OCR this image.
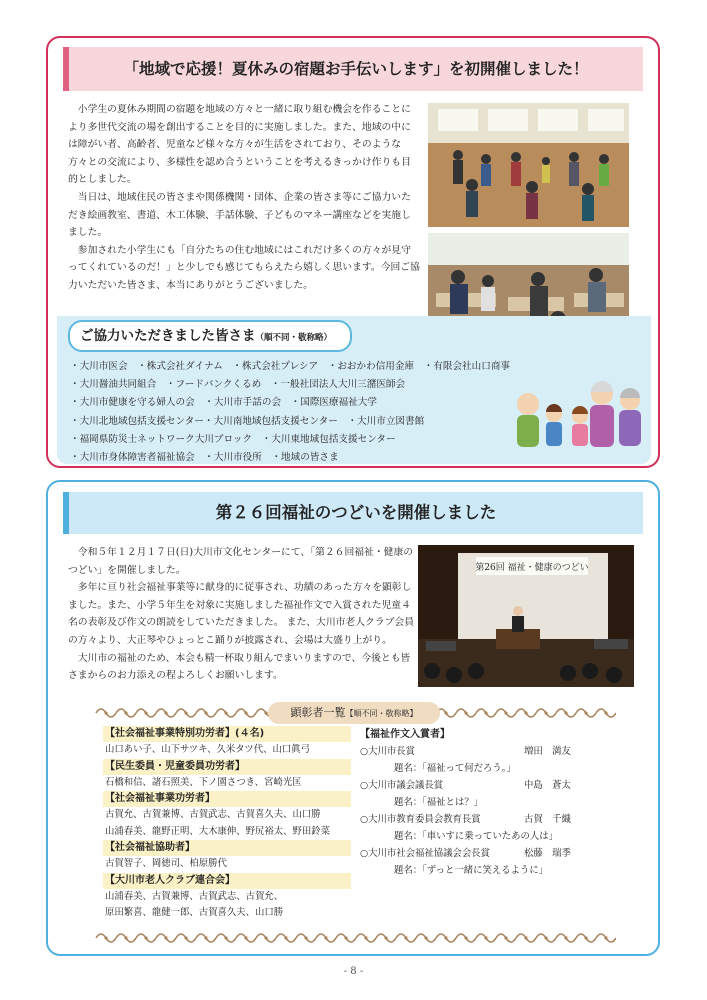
「地域で応援！夏休みの宿題お手伝いします」を初開催しました！

小学生の夏休み期間の宿題を地域の方々と一緒に取り組む機会を作ることにより多世代交流の場を創出することを目的に実施しました。また、地域の中には障がい者、高齢者、児童など様々な方々が生活をされており、そのような方々との交流により、多様性を認め合うということを考えるきっかけ作りも目的としました。

当日は、地域住民の皆さまや関係機関・団体、企業の皆さま等にご協力いただき絵画教室、書道、木工体験、手話体験、子どものマネー講座などを実施しました。

参加された小学生にも「自分たちの住む地域にはこれだけ多くの方々が見守ってくれているのだ！」と少しでも感じてもらえたら嬉しく思います。今回ご協力いただいた皆さま、本当にありがとうございました。

ご協力いただきました皆さま（順不同・敬称略）
・大川市医会　・株式会社ダイナム　・株式会社プレシア　・おおかわ信用金庫　・有限会社山口商事
・大川醤油共同組合　・フードバンクくるめ　・一般社団法人大川三潴医師会
・大川市健康を守る婦人の会　・大川市手話の会　・国際医療福祉大学
・大川北地域包括支援センター・大川南地域包括支援センター　・大川市立図書館
・福岡県防災士ネットワーク大川ブロック　・大川東地域包括支援センター
・大川市身体障害者福祉協会　・大川市役所　・地域の皆さま
第２６回福祉のつどいを開催しました

令和５年１２月１７日(日)大川市文化センターにて、「第２６回福祉・健康のつどい」を開催しました。

多年に亘り社会福祉事業等に献身的に従事され、功績のあった方々を顕彰しました。また、小学５年生を対象に実施しました福祉作文で入賞された児童４名の表彰及び作文の朗読をしていただきました。 また、大川市老人クラブ会員の方々より、大正琴やひょっとこ踊りが披露され、会場は大盛り上がり。

大川市の福祉のため、本会も精一杯取り組んでまいりますので、今後とも皆さまからのお力添えの程よろしくお願いします。

第26回 福祉・健康のつどい
顕彰者一覧【順不同・敬称略】
【社会福祉事業特別功労者】(４名)
山口あい子、山下サツキ、久米タツ代、山口眞弓
【民生委員・児童委員功労者】
石橋和信、諸石照美、下ノ園さつき、宮崎光匡
【社会福祉事業功労者】
古賀允、古賀兼博、古賀武志、古賀喜久夫、山口勝
山浦春美、龍野正明、大木康伸、野尻裕太、野田鈴菜
【社会福祉協助者】
古賀智子、岡徳司、柏原勝代
【大川市老人クラブ連合会】
山浦春美、古賀兼博、古賀武志、古賀允、
原田繁喜、龍健一郎、古賀喜久夫、山口勝
【福祉作文入賞者】
○大川市長賞	増田　満友
題名：「福祉って何だろう。」
○大川市議会議長賞	中島　蒼太
題名：「福祉とは？」
○大川市教育委員会教育長賞	古賀　千織
題名：「車いすに乗っていたあの人は」
○大川市社会福祉協議会会長賞	松藤　瑞季
題名：「ずっと一緒に笑えるように」
- 8 -
